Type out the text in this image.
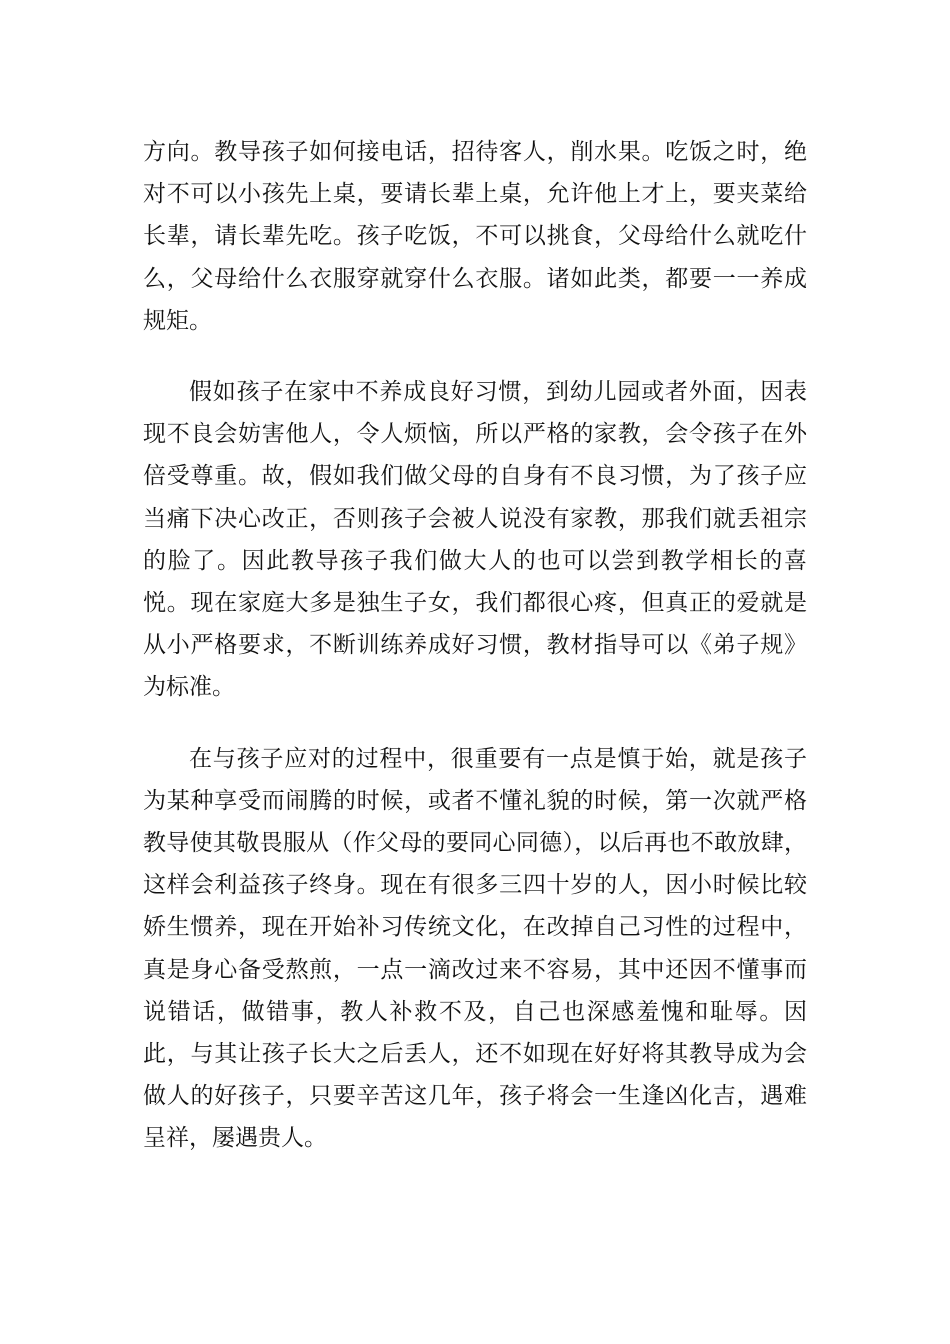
方向。教导孩子如何接电话，招待客人，削水果。吃饭之时，绝对不可以小孩先上桌，要请长辈上桌，允许他上才上，要夹菜给长辈，请长辈先吃。孩子吃饭，不可以挑食，父母给什么就吃什么，父母给什么衣服穿就穿什么衣服。诸如此类，都要一一养成规矩。

假如孩子在家中不养成良好习惯，到幼儿园或者外面，因表现不良会妨害他人，令人烦恼，所以严格的家教，会令孩子在外倍受尊重。故，假如我们做父母的自身有不良习惯，为了孩子应当痛下决心改正，否则孩子会被人说没有家教，那我们就丢祖宗的脸了。因此教导孩子我们做大人的也可以尝到教学相长的喜悦。现在家庭大多是独生子女，我们都很心疼，但真正的爱就是从小严格要求，不断训练养成好习惯，教材指导可以《弟子规》为标准。

在与孩子应对的过程中，很重要有一点是慎于始，就是孩子为某种享受而闹腾的时候，或者不懂礼貌的时候，第一次就严格教导使其敬畏服从（作父母的要同心同德），以后再也不敢放肆，这样会利益孩子终身。现在有很多三四十岁的人，因小时候比较娇生惯养，现在开始补习传统文化，在改掉自己习性的过程中，真是身心备受熬煎，一点一滴改过来不容易，其中还因不懂事而说错话，做错事，教人补救不及，自己也深感羞愧和耻辱。因此，与其让孩子长大之后丢人，还不如现在好好将其教导成为会做人的好孩子，只要辛苦这几年，孩子将会一生逢凶化吉，遇难呈祥，屡遇贵人。
